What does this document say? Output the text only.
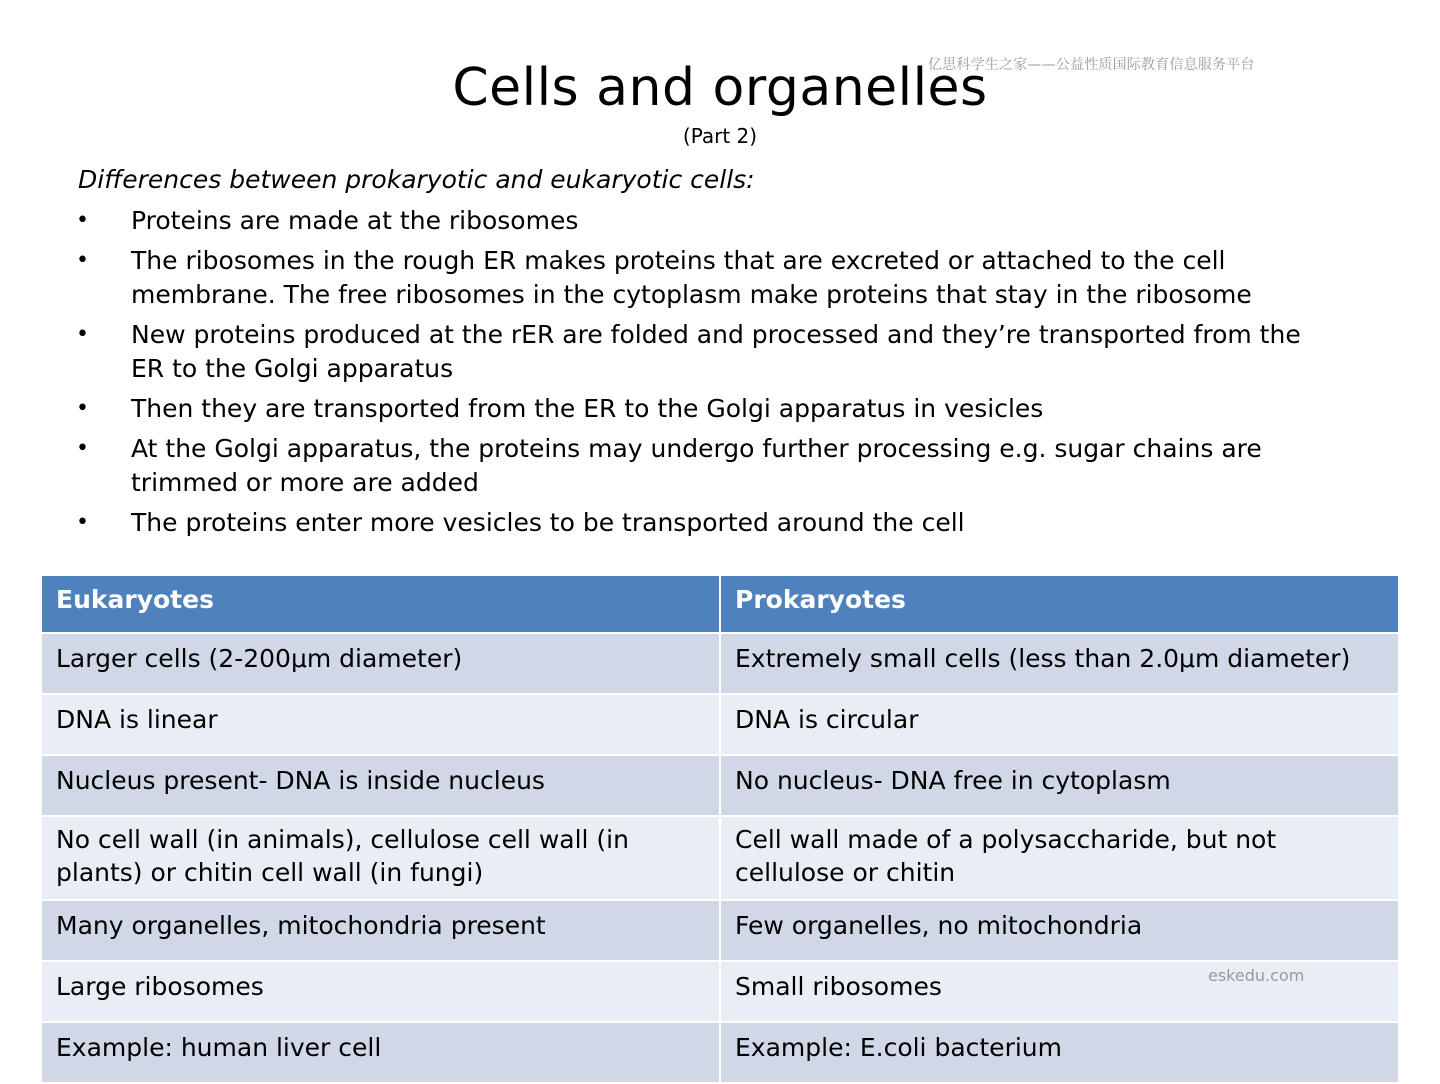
亿思科学生之家——公益性质国际教育信息服务平台
Cells and organelles
(Part 2)
Differences between prokaryotic and eukaryotic cells:
• Proteins are made at the ribosomes
• The ribosomes in the rough ER makes proteins that are excreted or attached to the cell membrane. The free ribosomes in the cytoplasm make proteins that stay in the ribosome
• New proteins produced at the rER are folded and processed and they’re transported from the ER to the Golgi apparatus
• Then they are transported from the ER to the Golgi apparatus in vesicles
• At the Golgi apparatus, the proteins may undergo further processing e.g. sugar chains are trimmed or more are added
• The proteins enter more vesicles to be transported around the cell
Eukaryotes	Prokaryotes
Larger cells (2-200μm diameter)	Extremely small cells (less than 2.0μm diameter)
DNA is linear	DNA is circular
Nucleus present- DNA is inside nucleus	No nucleus- DNA free in cytoplasm
No cell wall (in animals), cellulose cell wall (in plants) or chitin cell wall (in fungi)	Cell wall made of a polysaccharide, but not cellulose or chitin
Many organelles, mitochondria present	Few organelles, no mitochondria
Large ribosomes	Small ribosomes
Example: human liver cell	Example: E.coli bacterium
eskedu.com
